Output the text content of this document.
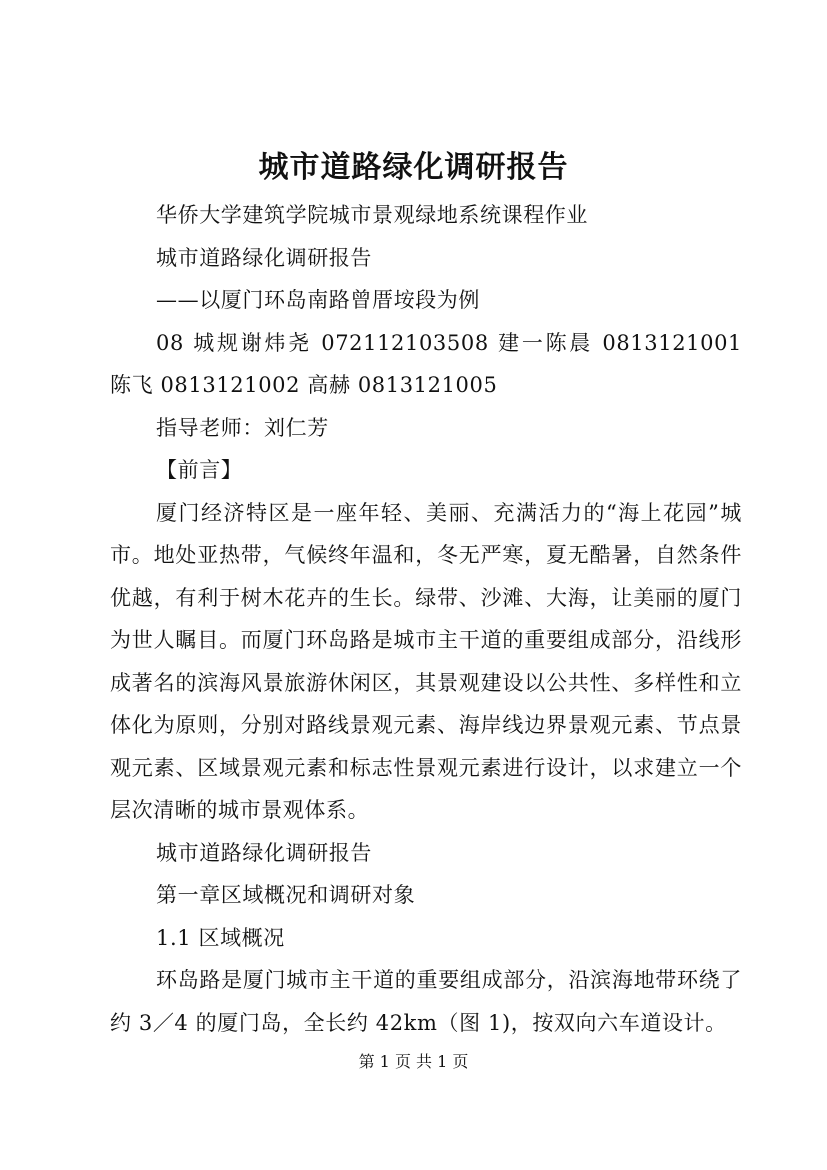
城市道路绿化调研报告

华侨大学建筑学院城市景观绿地系统课程作业

城市道路绿化调研报告

——以厦门环岛南路曾厝垵段为例

08 城规谢炜尧 072112103508 建一陈晨 0813121001 陈飞 0813121002 高赫 0813121005

指导老师：刘仁芳

【前言】

厦门经济特区是一座年轻、美丽、充满活力的“海上花园”城市。地处亚热带，气候终年温和，冬无严寒，夏无酷暑，自然条件优越，有利于树木花卉的生长。绿带、沙滩、大海，让美丽的厦门为世人瞩目。而厦门环岛路是城市主干道的重要组成部分，沿线形成著名的滨海风景旅游休闲区，其景观建设以公共性、多样性和立体化为原则，分别对路线景观元素、海岸线边界景观元素、节点景观元素、区域景观元素和标志性景观元素进行设计，以求建立一个层次清晰的城市景观体系。

城市道路绿化调研报告

第一章区域概况和调研对象

1.1 区域概况

环岛路是厦门城市主干道的重要组成部分，沿滨海地带环绕了约 3／4 的厦门岛，全长约 42km（图 1)，按双向六车道设计。

第 1 页 共 1 页
